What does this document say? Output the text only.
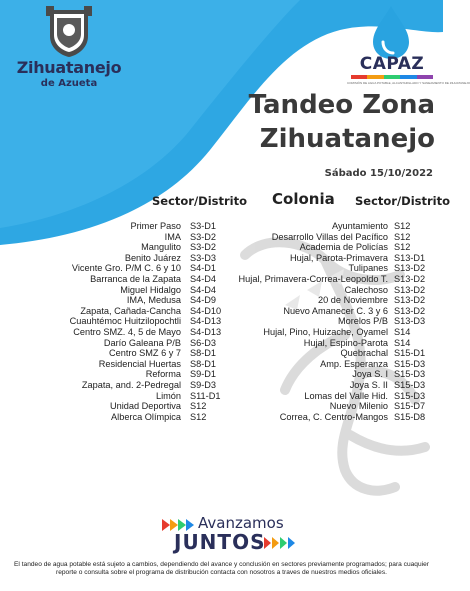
Zihuatanejo
de Azueta
CAPAZ
COMISIÓN DE AGUA POTABLE, ALCANTARILLADO Y SANEAMIENTO DE ZIHUATANEJO
Tandeo Zona
Zihuatanejo
Sábado 15/10/2022
Sector/Distrito Colonia Sector/Distrito
Primer Paso S3-D1
IMA S3-D2
Mangulito S3-D2
Benito Juárez S3-D3
Vicente Gro. P/M C. 6 y 10 S4-D1
Barranca de la Zapata S4-D4
Miguel Hidalgo S4-D4
IMA, Medusa S4-D9
Zapata, Cañada-Cancha S4-D10
Cuauhtémoc Huitzilopochtli S4-D13
Centro SMZ. 4, 5 de Mayo S4-D13
Darío Galeana P/B S6-D3
Centro SMZ 6 y 7 S8-D1
Residencial Huertas S8-D1
Reforma S9-D1
Zapata, and. 2-Pedregal S9-D3
Limón S11-D1
Unidad Deportiva S12
Alberca Olímpica S12
Ayuntamiento S12
Desarrollo Villas del Pacífico S12
Academia de Policías S12
Hujal, Parota-Primavera S13-D1
Tulipanes S13-D2
Hujal, Primavera-Correa-Leopoldo T. S13-D2
Calechoso S13-D2
20 de Noviembre S13-D2
Nuevo Amanecer C. 3 y 6 S13-D2
Morelos P/B S13-D3
Hujal, Pino, Huizache, Oyamel S14
Hujal, Espino-Parota S14
Quebrachal S15-D1
Amp. Esperanza S15-D3
Joya S. I S15-D3
Joya S. II S15-D3
Lomas del Valle Hid. S15-D3
Nuevo Milenio S15-D7
Correa, C. Centro-Mangos S15-D8
Avanzamos
JUNTOS
El tandeo de agua potable está sujeto a cambios, dependiendo del avance y conclusión en sectores previamente programados; para cuaquier reporte o consulta sobre el programa de distribución contacta con nosotros a traves de nuestros medios oficiales.
